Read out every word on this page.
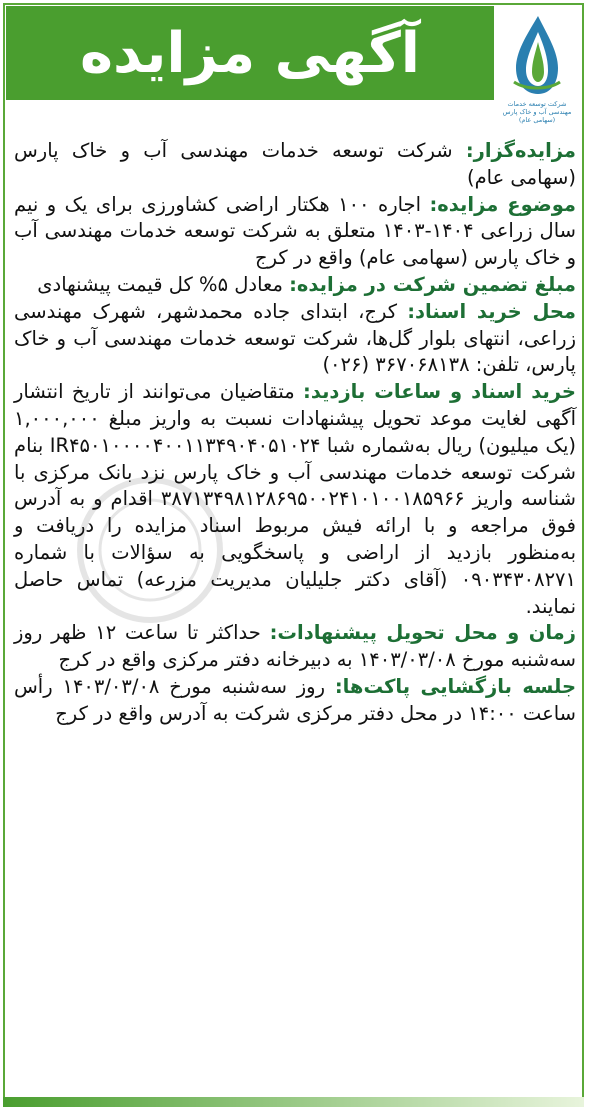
آگهی مزایده
شرکت توسعه خدمات مهندسی آب و خاک پارس (سهامی عام)
۱۴۰۳-۰۴

مزایده‌گزار: شرکت توسعه خدمات مهندسی آب و خاک پارس (سهامی عام)

موضوع مزایده: اجاره ۱۰۰ هکتار اراضی کشاورزی برای یک و نیم سال زراعی ۱۴۰۴-۱۴۰۳ متعلق به شرکت توسعه خدمات مهندسی آب و خاک پارس (سهامی عام) واقع در کرج

مبلغ تضمین شرکت در مزایده: معادل ۵% کل قیمت پیشنهادی

محل خرید اسناد: کرج، ابتدای جاده محمدشهر، شهرک مهندسی زراعی، انتهای بلوار گل‌ها، شرکت توسعه خدمات مهندسی آب و خاک پارس، تلفن: ۳۶۷۰۶۸۱۳۸ (۰۲۶)

خرید اسناد و ساعات بازدید: متقاضیان می‌توانند از تاریخ انتشار آگهی لغایت موعد تحویل پیشنهادات نسبت به واریز مبلغ ۱,۰۰۰,۰۰۰ (یک میلیون) ریال به‌شماره شبا IR۴۵۰۱۰۰۰۰۴۰۰۱۱۳۴۹۰۴۰۵۱۰۲۴ بنام شرکت توسعه خدمات مهندسی آب و خاک پارس نزد بانک مرکزی با شناسه واریز ۳۸۷۱۳۴۹۸۱۲۸۶۹۵۰۰۲۴۱۰۱۰۰۱۸۵۹۶۶ اقدام و به آدرس فوق مراجعه و با ارائه فیش مربوط اسناد مزایده را دریافت و به‌منظور بازدید از اراضی و پاسخگویی به سؤالات با شماره ۰۹۰۳۴۳۰۸۲۷۱ (آقای دکتر جلیلیان مدیریت مزرعه) تماس حاصل نمایند.

زمان و محل تحویل پیشنهادات: حداکثر تا ساعت ۱۲ ظهر روز سه‌شنبه مورخ ۱۴۰۳/۰۳/۰۸ به دبیرخانه دفتر مرکزی واقع در کرج

جلسه بازگشایی پاکت‌ها: روز سه‌شنبه مورخ ۱۴۰۳/۰۳/۰۸ رأس ساعت ۱۴:۰۰ در محل دفتر مرکزی شرکت به آدرس واقع در کرج
